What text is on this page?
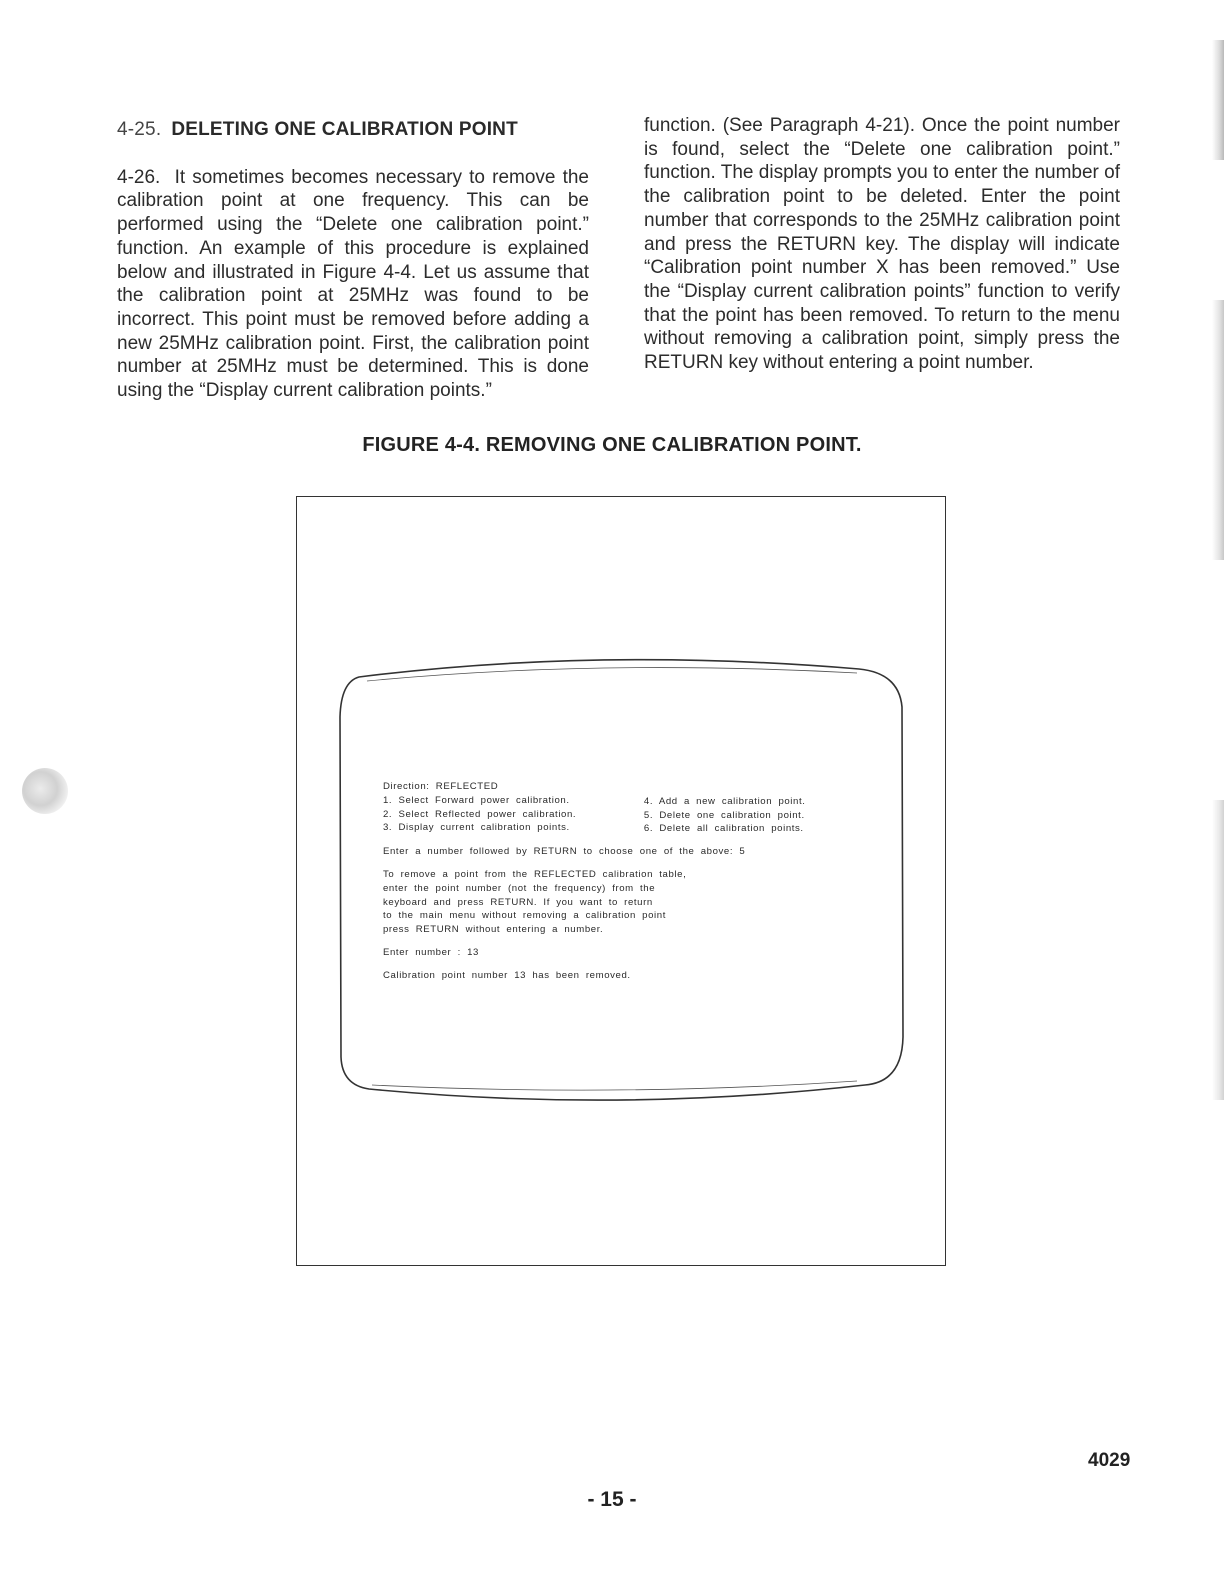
4-25. DELETING ONE CALIBRATION POINT

4-26. It sometimes becomes necessary to remove the calibration point at one frequency. This can be performed using the “Delete one calibration point.” function. An example of this procedure is explained below and illustrated in Figure 4-4. Let us assume that the calibration point at 25MHz was found to be incorrect. This point must be removed before adding a new 25MHz calibration point. First, the calibration point number at 25MHz must be determined. This is done using the “Display current calibration points.”

function. (See Paragraph 4-21). Once the point number is found, select the “Delete one calibration point.” function. The display prompts you to enter the number of the calibration point to be deleted. Enter the point number that corresponds to the 25MHz calibration point and press the RETURN key. The display will indicate “Calibration point number X has been removed.” Use the “Display current calibration points” function to verify that the point has been removed. To return to the menu without removing a calibration point, simply press the RETURN key without entering a point number.

FIGURE 4-4. REMOVING ONE CALIBRATION POINT.
Direction: REFLECTED
1. Select Forward power calibration.
2. Select Reflected power calibration.
3. Display current calibration points.
4. Add a new calibration point.
5. Delete one calibration point.
6. Delete all calibration points.
Enter a number followed by RETURN to choose one of the above: 5
To remove a point from the REFLECTED calibration table,
enter the point number (not the frequency) from the
keyboard and press RETURN. If you want to return
to the main menu without removing a calibration point
press RETURN without entering a number.
Enter number : 13
Calibration point number 13 has been removed.
4029
- 15 -
